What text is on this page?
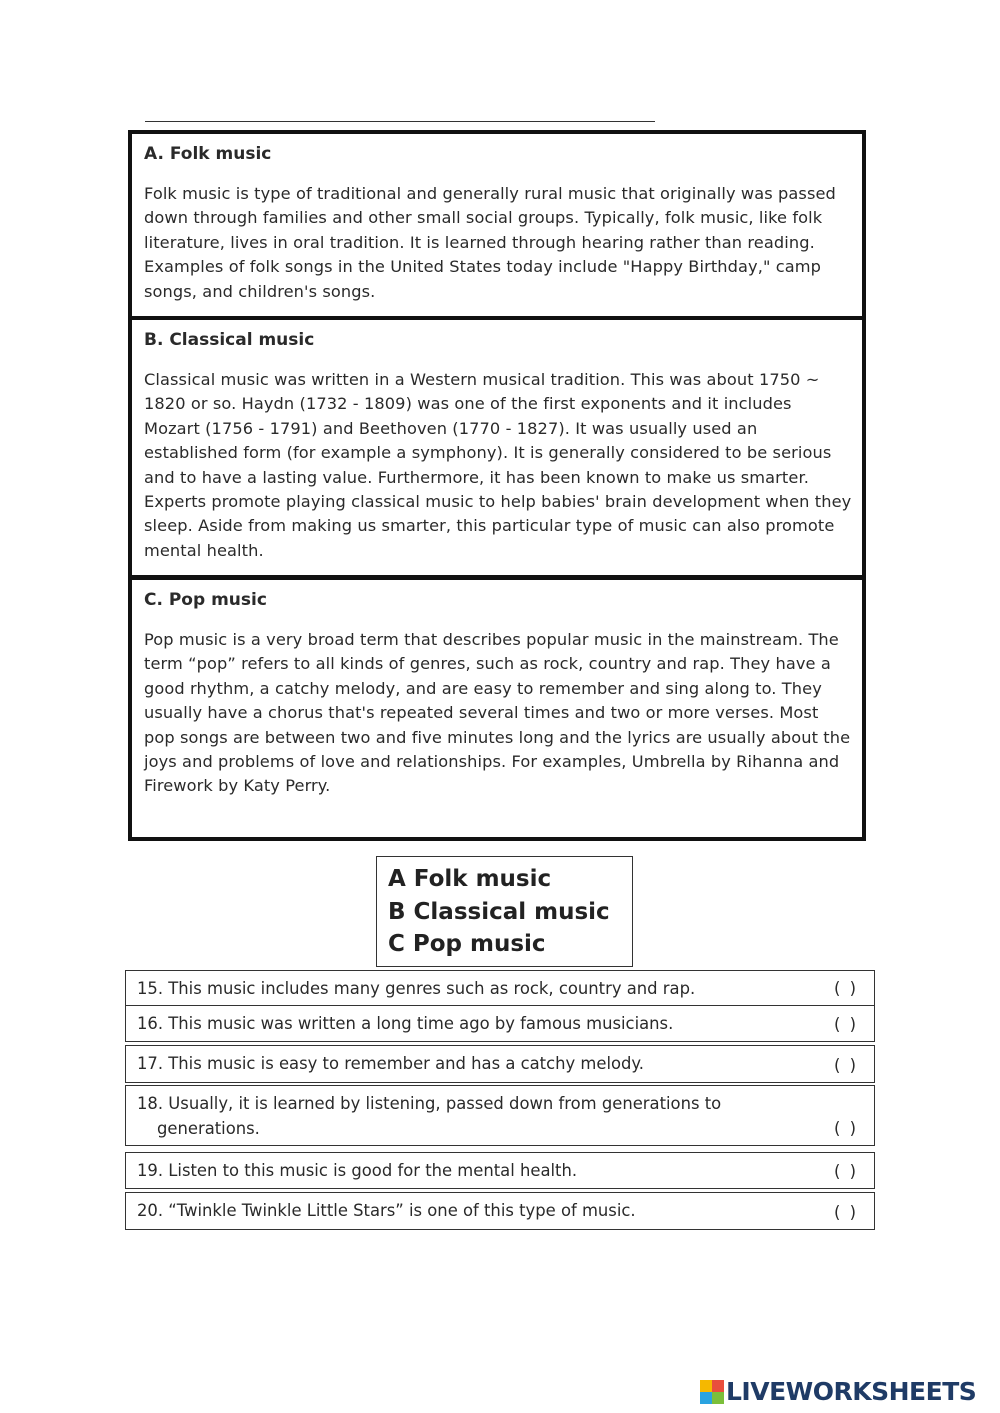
A. Folk music

Folk music is type of traditional and generally rural music that originally was passed down through families and other small social groups. Typically, folk music, like folk literature, lives in oral tradition. It is learned through hearing rather than reading. Examples of folk songs in the United States today include "Happy Birthday," camp songs, and children's songs.

B. Classical music

Classical music was written in a Western musical tradition. This was about 1750 ~ 1820 or so. Haydn (1732 - 1809) was one of the first exponents and it includes Mozart (1756 - 1791) and Beethoven (1770 - 1827). It was usually used an established form (for example a symphony). It is generally considered to be serious and to have a lasting value. Furthermore, it has been known to make us smarter. Experts promote playing classical music to help babies' brain development when they sleep. Aside from making us smarter, this particular type of music can also promote mental health.

C. Pop music

Pop music is a very broad term that describes popular music in the mainstream. The term “pop” refers to all kinds of genres, such as rock, country and rap. They have a good rhythm, a catchy melody, and are easy to remember and sing along to. They usually have a chorus that's repeated several times and two or more verses. Most pop songs are between two and five minutes long and the lyrics are usually about the joys and problems of love and relationships. For examples, Umbrella by Rihanna and Firework by Katy Perry.

A Folk music
B Classical music
C Pop music
15. This music includes many genres such as rock, country and rap.	( )
16. This music was written a long time ago by famous musicians.	( )
17. This music is easy to remember and has a catchy melody.	( )
18. Usually, it is learned by listening, passed down from generations to
generations.	( )
19. Listen to this music is good for the mental health.	( )
20. “Twinkle Twinkle Little Stars” is one of this type of music.	( )
LIVEWORKSHEETS
